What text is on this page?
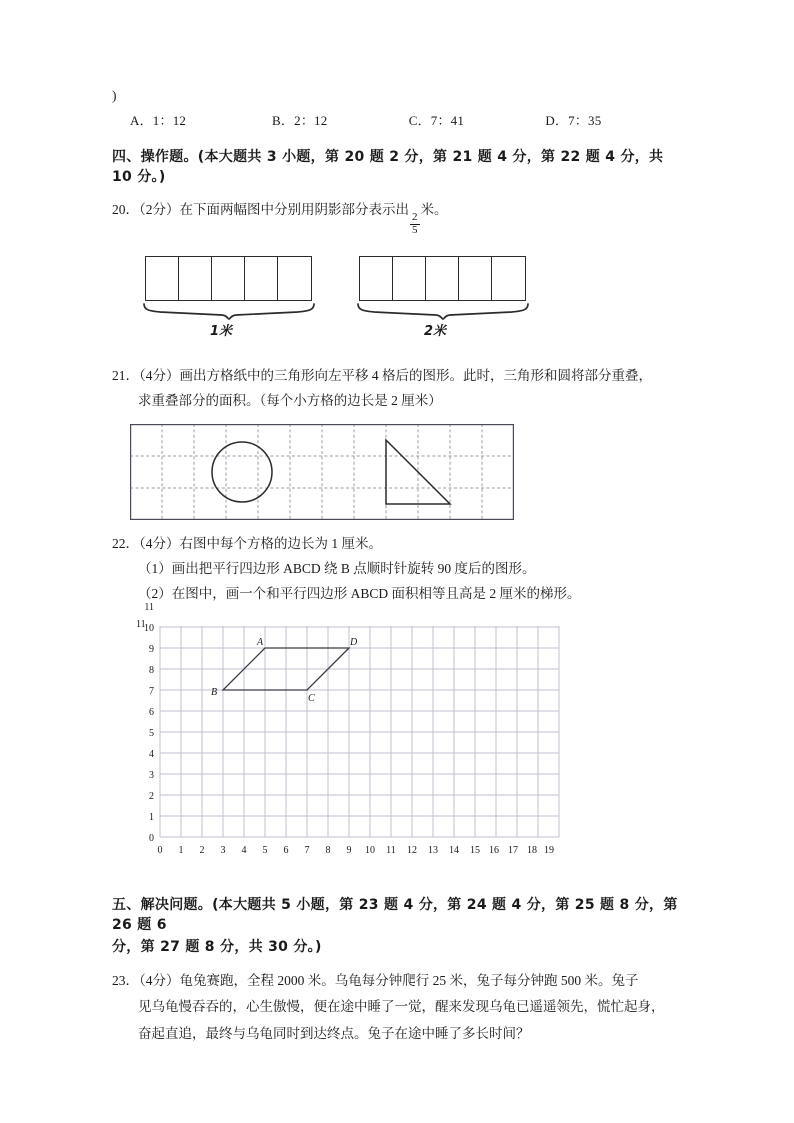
)
A．1：12	B．2：12	C．7：41	D．7：35
四、操作题。(本大题共 3 小题，第 20 题 2 分，第 21 题 4 分，第 22 题 4 分，共 10 分。)
20．（2分）在下面两幅图中分别用阴影部分表示出
$\frac{2}{5}$
米。
1米	2米
21．（4分）画出方格纸中的三角形向左平移 4 格后的图形。此时，三角形和圆将部分重叠，
求重叠部分的面积。（每个小方格的边长是 2 厘米）
22．（4分）右图中每个方格的边长为 1 厘米。
（1）画出把平行四边形 ABCD 绕 B 点顺时针旋转 90 度后的图形。
（2）在图中，画一个和平行四边形 ABCD 面积相等且高是 2 厘米的梯形。
0
1
2
3
4
5
6
7
8
9
10
11
0 1 2 3 4 5 6 7 8 9 10 11 12 13 14 15 16 17 18 19
A
B
C
D
11
五、解决问题。(本大题共 5 小题，第 23 题 4 分，第 24 题 4 分，第 25 题 8 分，第 26 题 6
分，第 27 题 8 分，共 30 分。)
23．（4分）龟兔赛跑，全程 2000 米。乌龟每分钟爬行 25 米，兔子每分钟跑 500 米。兔子
见乌龟慢吞吞的，心生傲慢，便在途中睡了一觉，醒来发现乌龟已遥遥领先，慌忙起身，
奋起直追，最终与乌龟同时到达终点。兔子在途中睡了多长时间？
